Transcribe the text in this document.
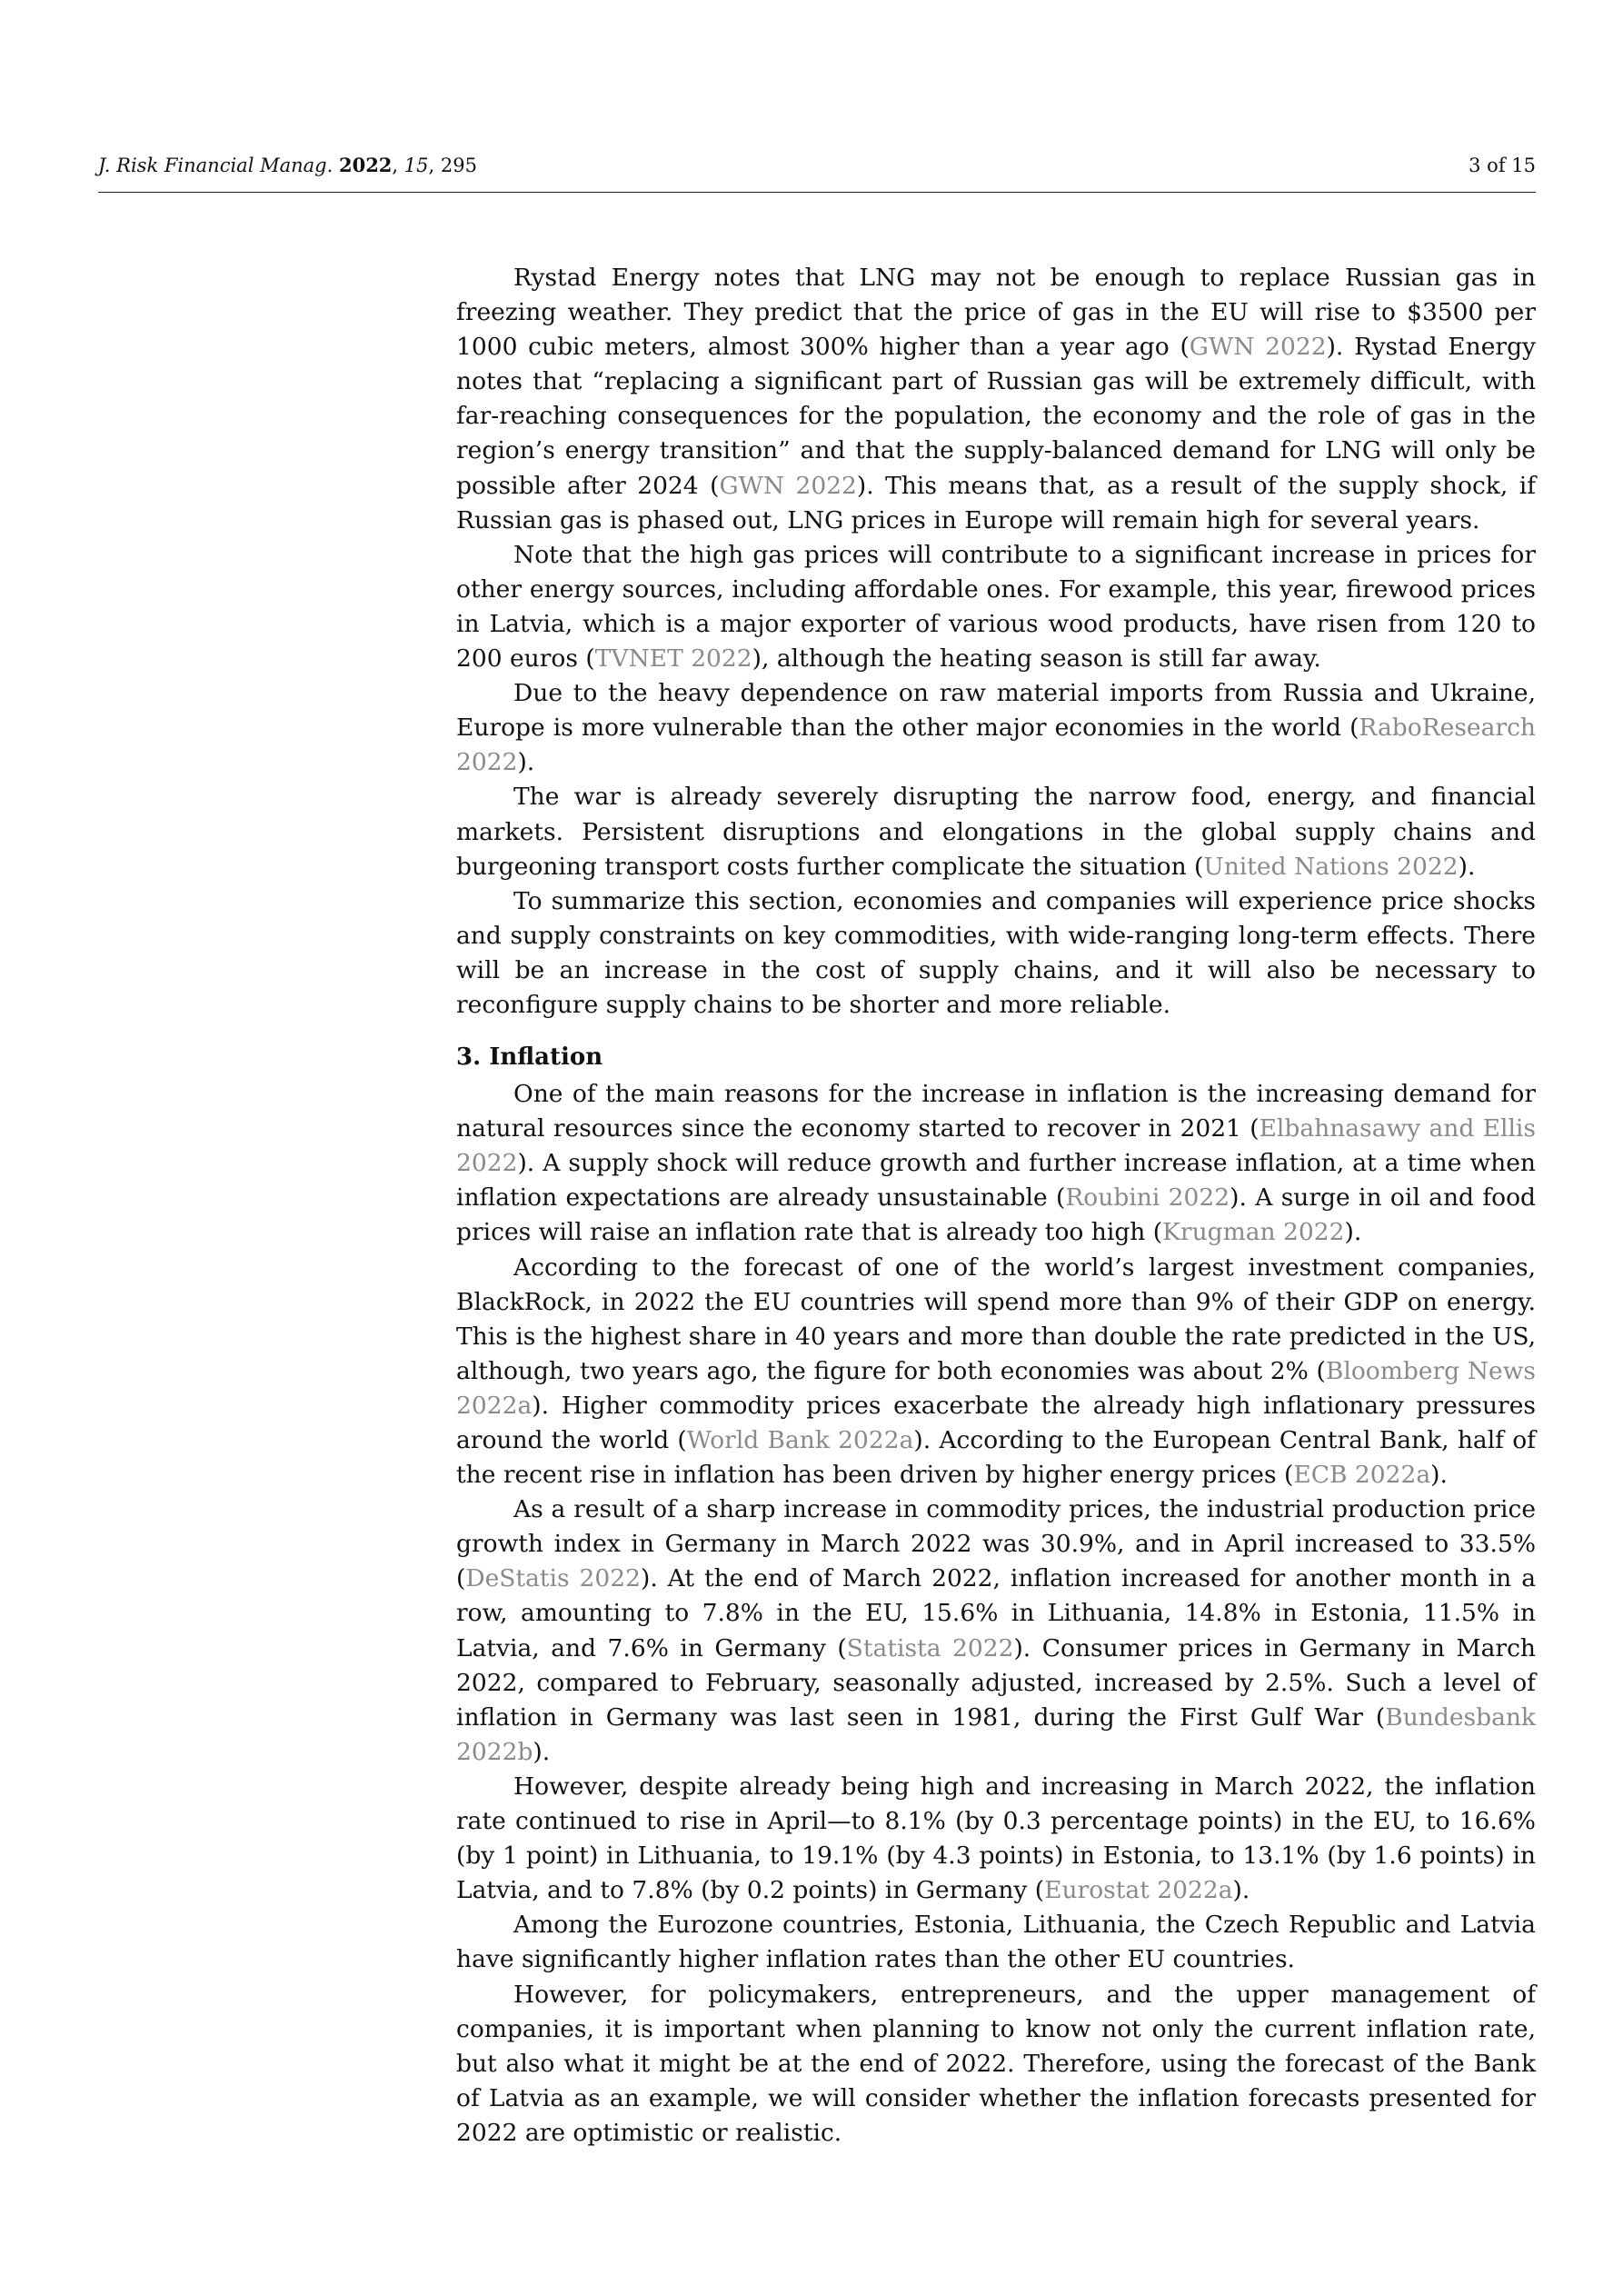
J. Risk Financial Manag. 2022, 15, 295	3 of 15

Rystad Energy notes that LNG may not be enough to replace Russian gas in freezing weather. They predict that the price of gas in the EU will rise to $3500 per 1000 cubic meters, almost 300% higher than a year ago (GWN 2022). Rystad Energy notes that “replacing a significant part of Russian gas will be extremely difficult, with far-reaching consequences for the population, the economy and the role of gas in the region’s energy transition” and that the supply-balanced demand for LNG will only be possible after 2024 (GWN 2022). This means that, as a result of the supply shock, if Russian gas is phased out, LNG prices in Europe will remain high for several years.

Note that the high gas prices will contribute to a significant increase in prices for other energy sources, including affordable ones. For example, this year, firewood prices in Latvia, which is a major exporter of various wood products, have risen from 120 to 200 euros (TVNET 2022), although the heating season is still far away.

Due to the heavy dependence on raw material imports from Russia and Ukraine, Europe is more vulnerable than the other major economies in the world (RaboResearch 2022).

The war is already severely disrupting the narrow food, energy, and financial markets. Persistent disruptions and elongations in the global supply chains and burgeoning transport costs further complicate the situation (United Nations 2022).

To summarize this section, economies and companies will experience price shocks and supply constraints on key commodities, with wide-ranging long-term effects. There will be an increase in the cost of supply chains, and it will also be necessary to reconfigure supply chains to be shorter and more reliable.

3. Inflation

One of the main reasons for the increase in inflation is the increasing demand for natural resources since the economy started to recover in 2021 (Elbahnasawy and Ellis 2022). A supply shock will reduce growth and further increase inflation, at a time when inflation expectations are already unsustainable (Roubini 2022). A surge in oil and food prices will raise an inflation rate that is already too high (Krugman 2022).

According to the forecast of one of the world’s largest investment companies, BlackRock, in 2022 the EU countries will spend more than 9% of their GDP on energy. This is the highest share in 40 years and more than double the rate predicted in the US, although, two years ago, the figure for both economies was about 2% (Bloomberg News 2022a). Higher commodity prices exacerbate the already high inflationary pressures around the world (World Bank 2022a). According to the European Central Bank, half of the recent rise in inflation has been driven by higher energy prices (ECB 2022a).

As a result of a sharp increase in commodity prices, the industrial production price growth index in Germany in March 2022 was 30.9%, and in April increased to 33.5% (DeStatis 2022). At the end of March 2022, inflation increased for another month in a row, amounting to 7.8% in the EU, 15.6% in Lithuania, 14.8% in Estonia, 11.5% in Latvia, and 7.6% in Germany (Statista 2022). Consumer prices in Germany in March 2022, compared to February, seasonally adjusted, increased by 2.5%. Such a level of inflation in Germany was last seen in 1981, during the First Gulf War (Bundesbank 2022b).

However, despite already being high and increasing in March 2022, the inflation rate continued to rise in April—to 8.1% (by 0.3 percentage points) in the EU, to 16.6% (by 1 point) in Lithuania, to 19.1% (by 4.3 points) in Estonia, to 13.1% (by 1.6 points) in Latvia, and to 7.8% (by 0.2 points) in Germany (Eurostat 2022a).

Among the Eurozone countries, Estonia, Lithuania, the Czech Republic and Latvia have significantly higher inflation rates than the other EU countries.

However, for policymakers, entrepreneurs, and the upper management of companies, it is important when planning to know not only the current inflation rate, but also what it might be at the end of 2022. Therefore, using the forecast of the Bank of Latvia as an example, we will consider whether the inflation forecasts presented for 2022 are optimistic or realistic.
